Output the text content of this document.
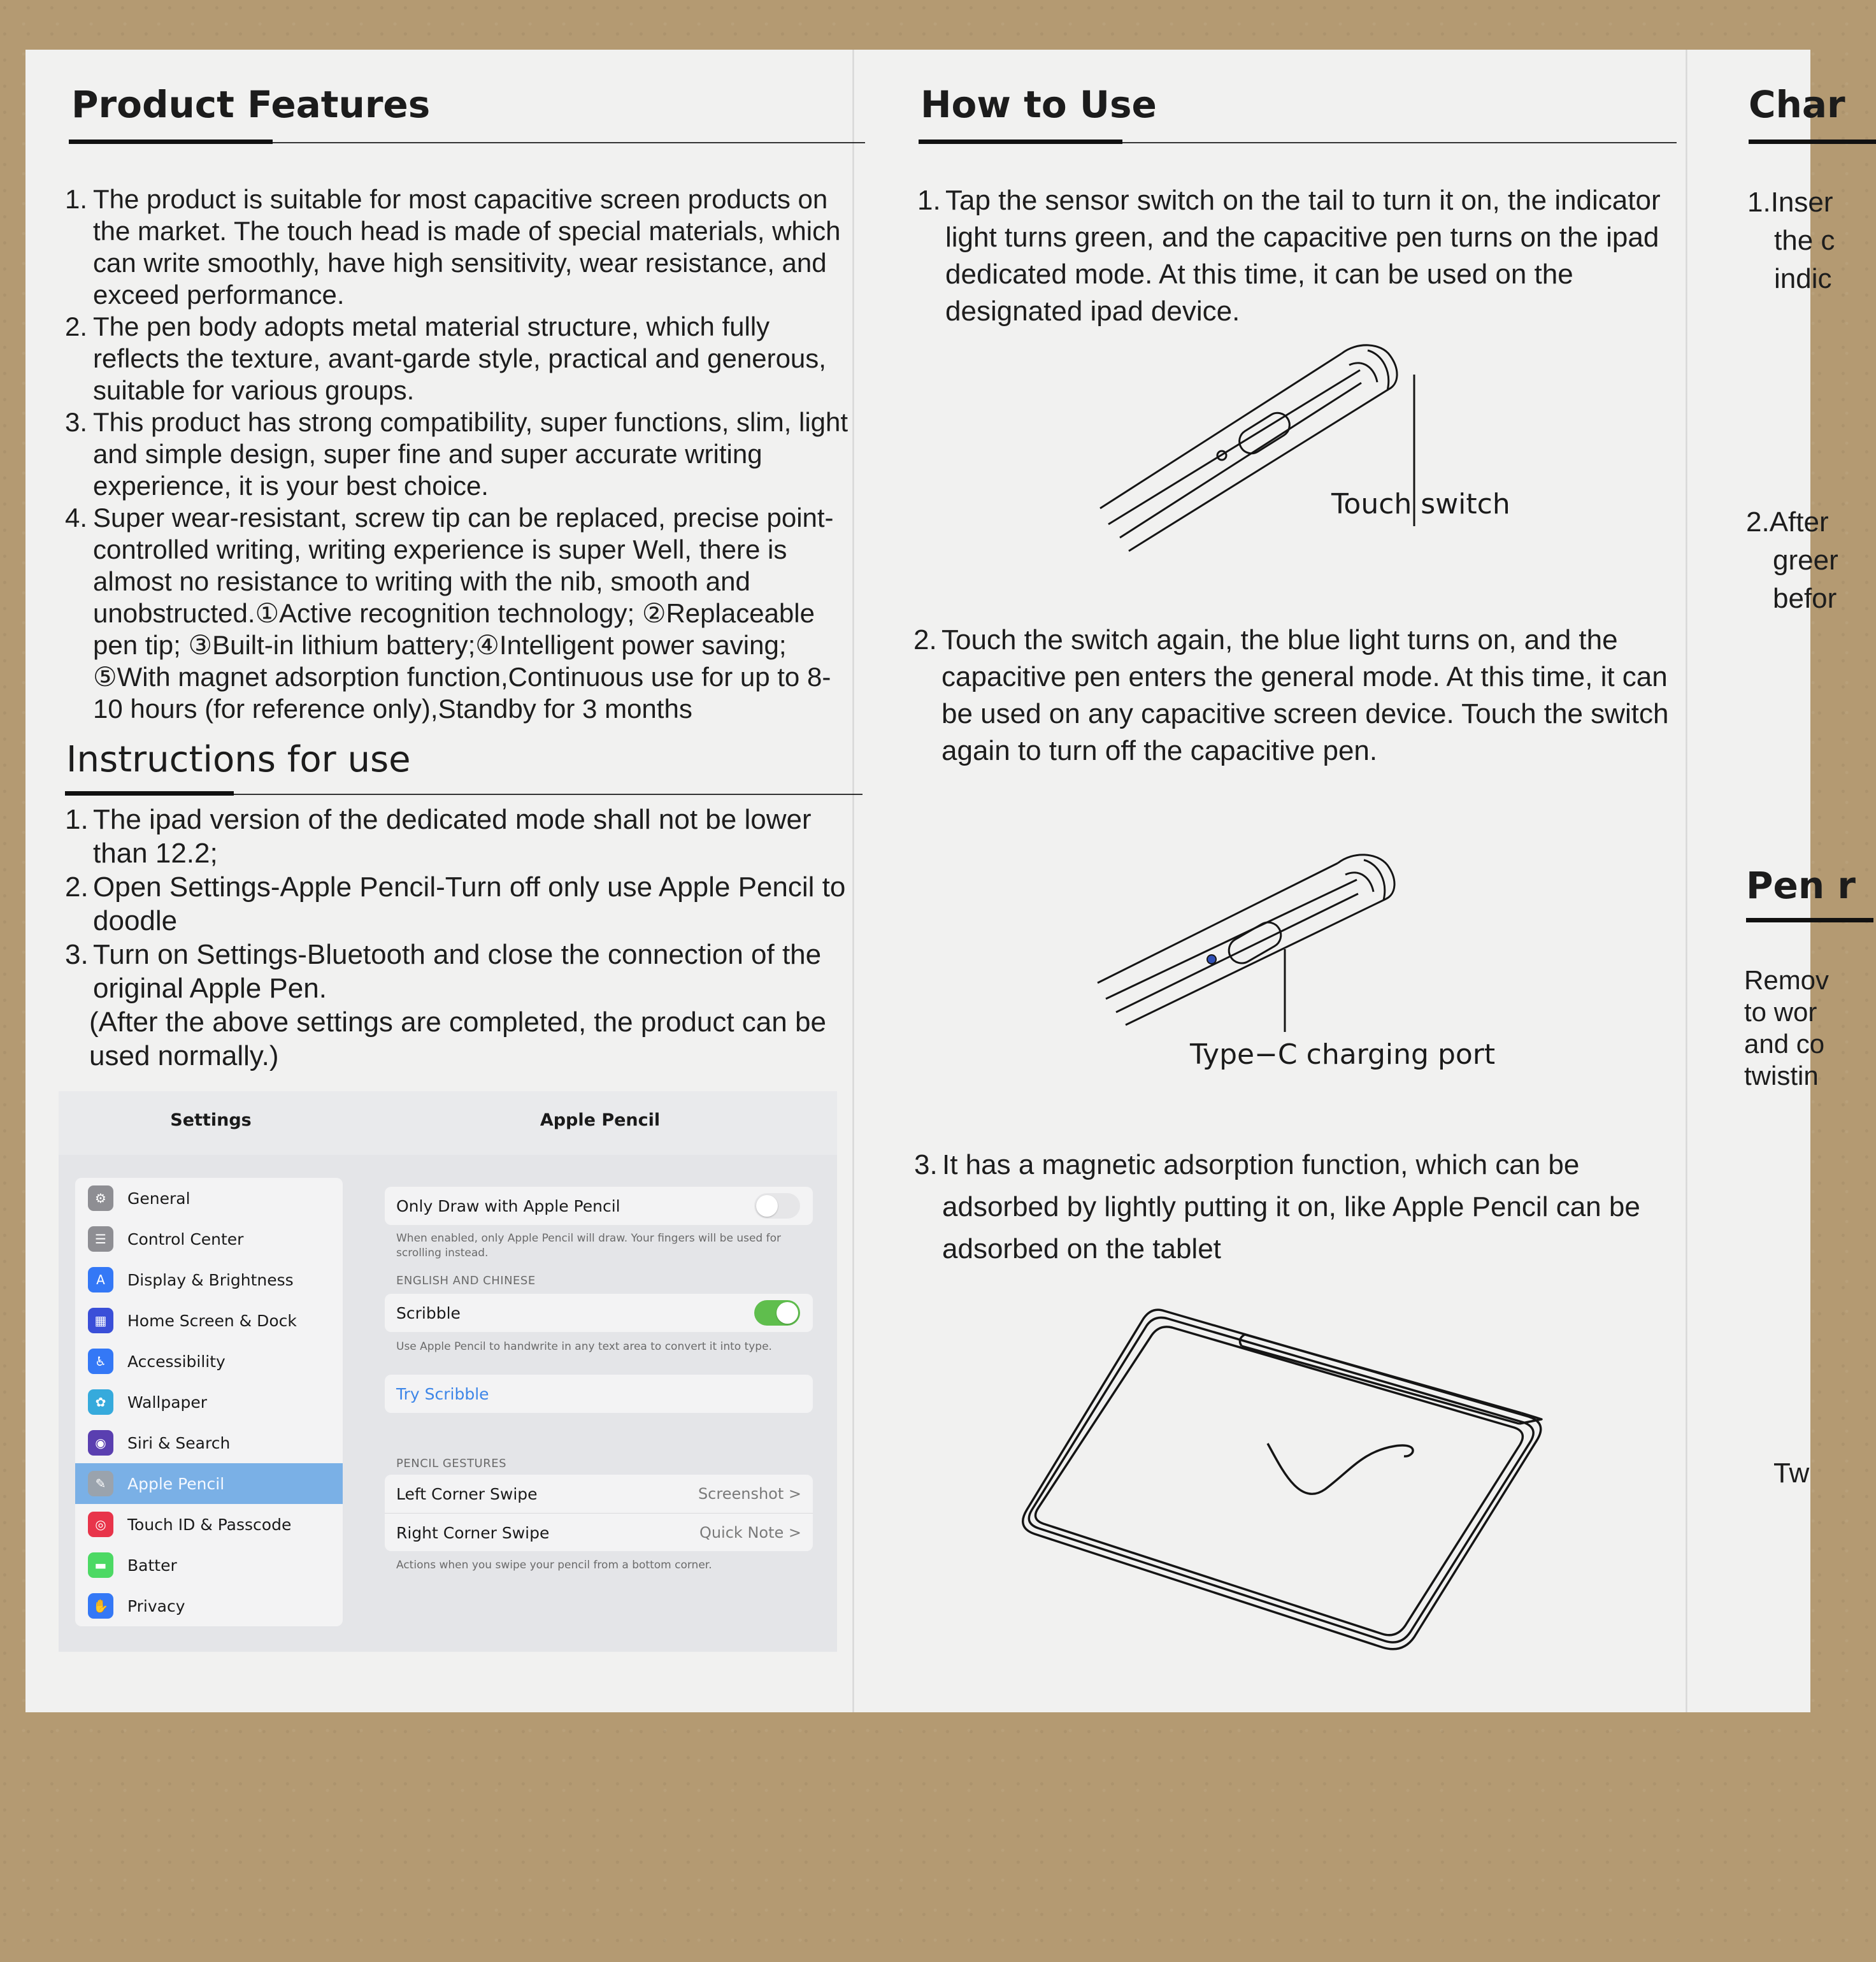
Product Features
1. The product is suitable for most capacitive screen products on the market. The touch head is made of special materials, which can write smoothly, have high sensitivity, wear resistance, and exceed performance.
2. The pen body adopts metal material structure, which fully reflects the texture, avant-garde style, practical and generous, suitable for various groups.
3. This product has strong compatibility, super functions, slim, light and simple design, super fine and super accurate writing experience, it is your best choice.
4. Super wear-resistant, screw tip can be replaced, precise point-controlled writing, writing experience is super Well, there is almost no resistance to writing with the nib, smooth and unobstructed.①Active recognition technology; ②Replaceable pen tip; ③Built-in lithium battery;④Intelligent power saving; ⑤With magnet adsorption function,Continuous use for up to 8-10 hours (for reference only),Standby for 3 months
Instructions for use
1. The ipad version of the dedicated mode shall not be lower than 12.2;
2. Open Settings-Apple Pencil-Turn off only use Apple Pencil to doodle
3. Turn on Settings-Bluetooth and close the connection of the original Apple Pen.
(After the above settings are completed, the product can be used normally.)
Settings	Apple Pencil
⚙	General
☰	Control Center
A	Display & Brightness
▦	Home Screen & Dock
♿	Accessibility
✿	Wallpaper
◉	Siri & Search
✎	Apple Pencil
◎	Touch ID & Passcode
▬	Batter
✋	Privacy
Only Draw with Apple Pencil
When enabled, only Apple Pencil will draw. Your fingers will be used for scrolling instead.
ENGLISH AND CHINESE
Scribble
Use Apple Pencil to handwrite in any text area to convert it into type.
Try Scribble
PENCIL GESTURES
Left Corner Swipe	Screenshot >
Right Corner Swipe	Quick Note >
Actions when you swipe your pencil from a bottom corner.
How to Use
1. Tap the sensor switch on the tail to turn it on, the indicator light turns green, and the capacitive pen turns on the ipad dedicated mode. At this time, it can be used on the designated ipad device.
Touch switch
2. Touch the switch again, the blue light turns on, and the capacitive pen enters the general mode. At this time, it can be used on any capacitive screen device. Touch the switch again to turn off the capacitive pen.
Type−C charging port
3. It has a magnetic adsorption function, which can be adsorbed by lightly putting it on, like Apple Pencil can be adsorbed on the tablet
Char
1.Inser
the c
indic
2.After
greer
befor
Pen r
Remov
to wor
and co
twistin
Tw
